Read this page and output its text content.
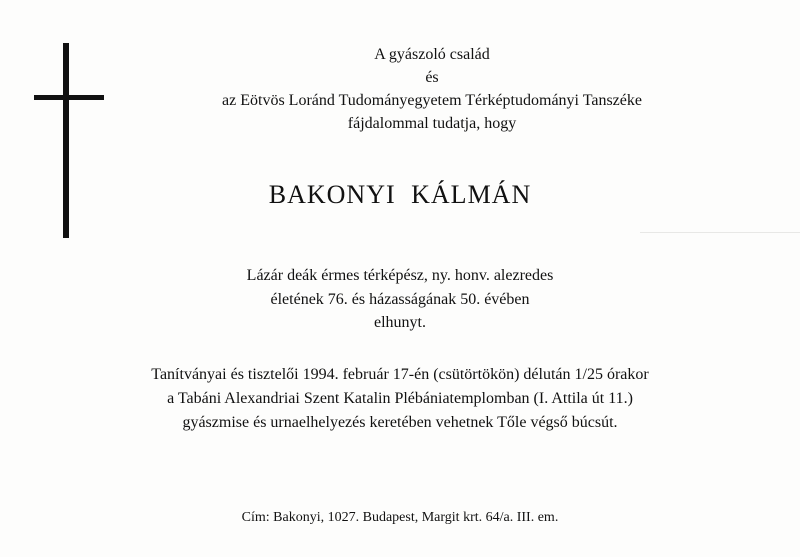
A gyászoló család
és
az Eötvös Loránd Tudományegyetem Térképtudományi Tanszéke
fájdalommal tudatja, hogy
BAKONYI KÁLMÁN
Lázár deák érmes térképész, ny. honv. alezredes
életének 76. és házasságának 50. évében
elhunyt.
Tanítványai és tisztelői 1994. február 17-én (csütörtökön) délután 1/25 órakor
a Tabáni Alexandriai Szent Katalin Plébániatemplomban (I. Attila út 11.)
gyászmise és urnaelhelyezés keretében vehetnek Tőle végső búcsút.
Cím: Bakonyi, 1027. Budapest, Margit krt. 64/a. III. em.
